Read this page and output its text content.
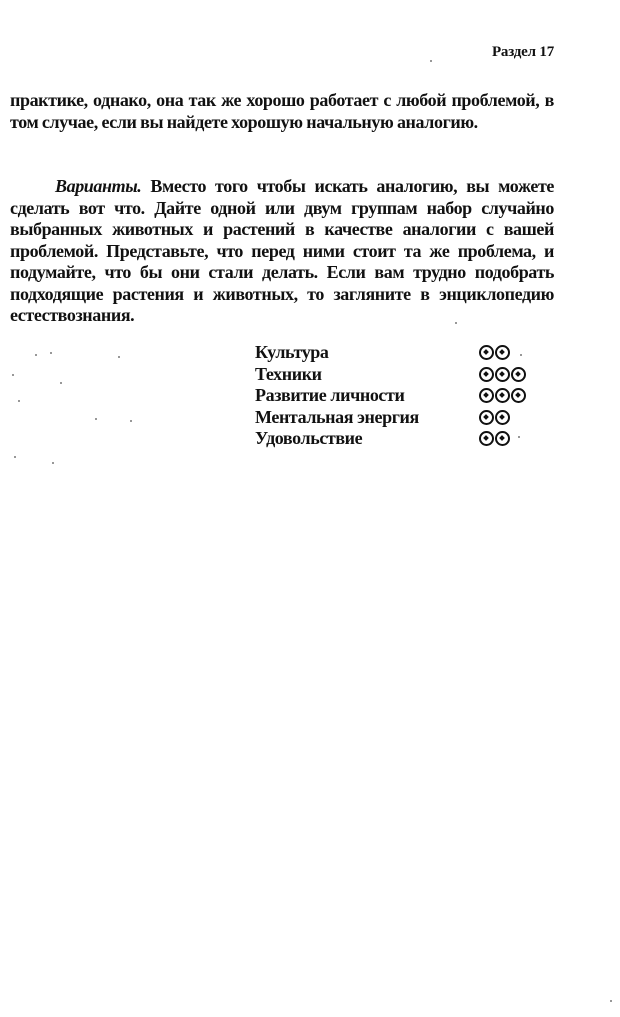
Раздел 17
практике, однако, она так же хорошо работает с любой проблемой, в том случае, если вы найдете хорошую начальную аналогию.
Варианты. Вместо того чтобы искать аналогию, вы можете сделать вот что. Дайте одной или двум группам набор случайно выбранных животных и растений в качестве аналогии с вашей проблемой. Представьте, что перед ними стоит та же проблема, и подумайте, что бы они стали делать. Если вам трудно подобрать подходящие растения и животных, то загляните в энциклопедию естествознания.
Культура
Техники
Развитие личности
Ментальная энергия
Удовольствие
